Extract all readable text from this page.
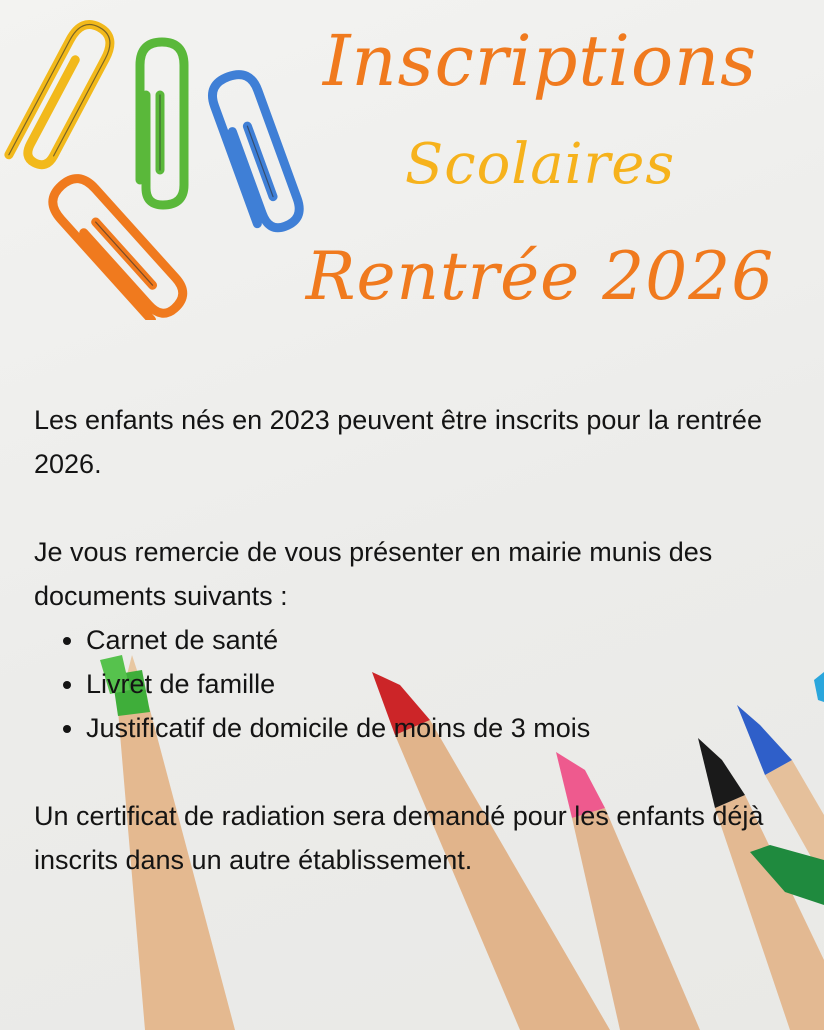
Inscriptions
Scolaires
Rentrée 2026

Les enfants nés en 2023 peuvent être inscrits pour la rentrée 2026.

Je vous remercie de vous présenter en mairie munis des documents suivants :

• Carnet de santé
• Livret de famille
• Justificatif de domicile de moins de 3 mois

Un certificat de radiation sera demandé pour les enfants déjà inscrits dans un autre établissement.
